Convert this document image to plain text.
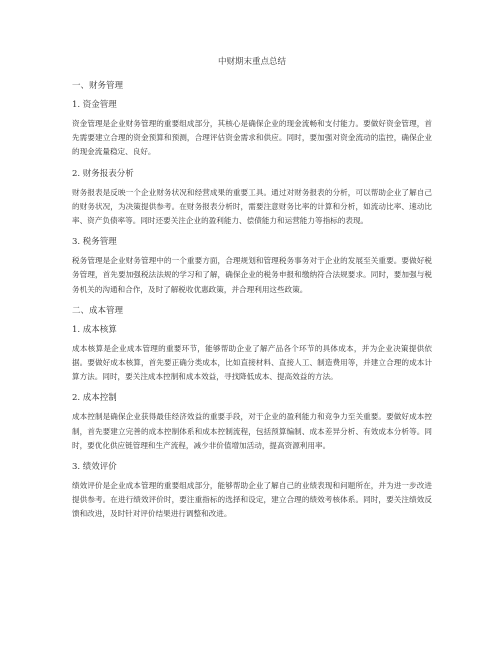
中财期末重点总结
一、财务管理
1. 资金管理
资金管理是企业财务管理的重要组成部分，其核心是确保企业的现金流畅和支付能力。要做好资金管理，首先需要建立合理的资金预算和预测，合理评估资金需求和供应。同时，要加强对资金流动的监控，确保企业的现金流量稳定、良好。
2. 财务报表分析
财务报表是反映一个企业财务状况和经营成果的重要工具。通过对财务报表的分析，可以帮助企业了解自己的财务状况，为决策提供参考。在财务报表分析时，需要注意财务比率的计算和分析，如流动比率、速动比率、资产负债率等。同时还要关注企业的盈利能力、偿债能力和运营能力等指标的表现。
3. 税务管理
税务管理是企业财务管理中的一个重要方面，合理规划和管理税务事务对于企业的发展至关重要。要做好税务管理，首先要加强税法法规的学习和了解，确保企业的税务申报和缴纳符合法规要求。同时，要加强与税务机关的沟通和合作，及时了解税收优惠政策，并合理利用这些政策。
二、成本管理
1. 成本核算
成本核算是企业成本管理的重要环节，能够帮助企业了解产品各个环节的具体成本，并为企业决策提供依据。要做好成本核算，首先要正确分类成本，比如直接材料、直接人工、制造费用等，并建立合理的成本计算方法。同时，要关注成本控制和成本效益，寻找降低成本、提高效益的方法。
2. 成本控制
成本控制是确保企业获得最佳经济效益的重要手段，对于企业的盈利能力和竞争力至关重要。要做好成本控制，首先要建立完善的成本控制体系和成本控制流程，包括预算编制、成本差异分析、有效成本分析等。同时，要优化供应链管理和生产流程，减少非价值增加活动，提高资源利用率。
3. 绩效评价
绩效评价是企业成本管理的重要组成部分，能够帮助企业了解自己的业绩表现和问题所在，并为进一步改进提供参考。在进行绩效评价时，要注重指标的选择和设定，建立合理的绩效考核体系。同时，要关注绩效反馈和改进，及时针对评价结果进行调整和改进。
